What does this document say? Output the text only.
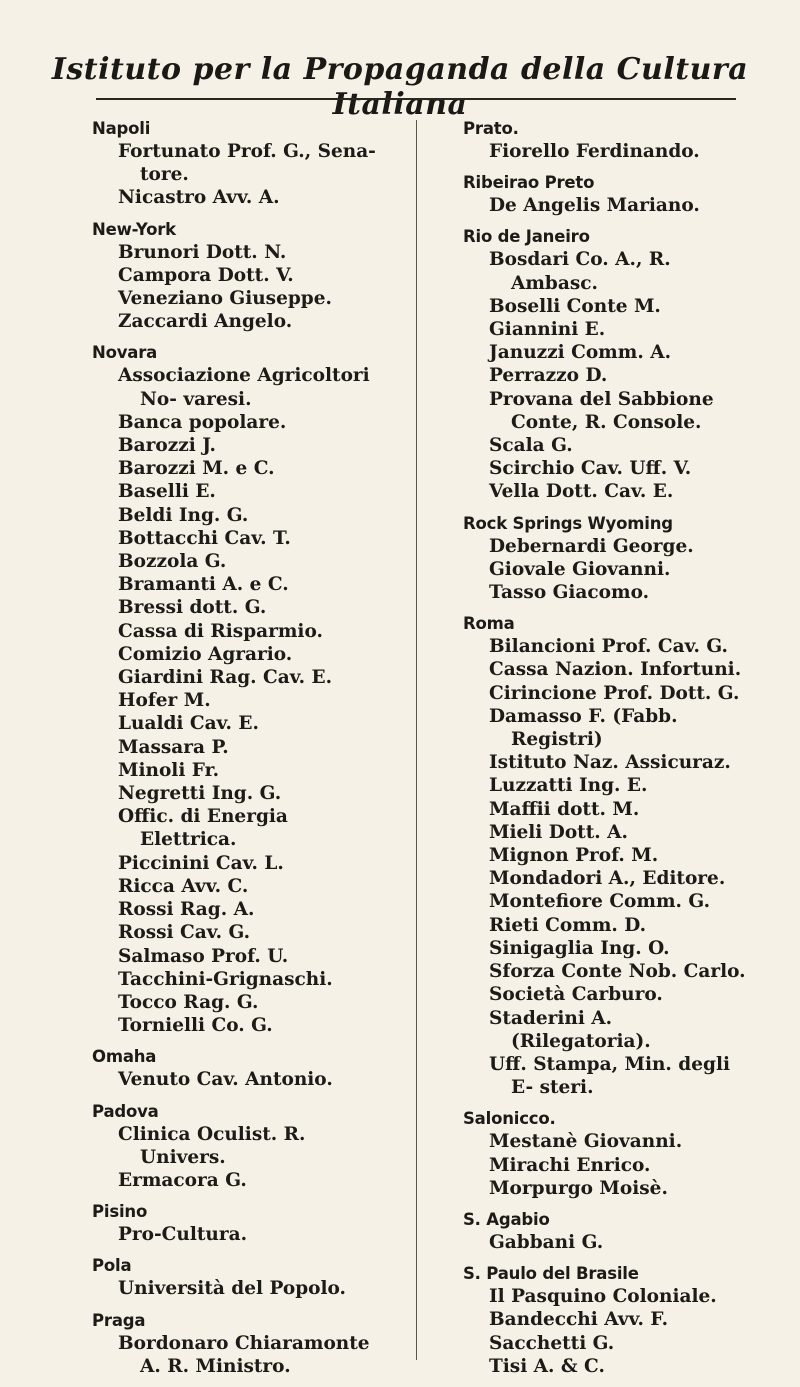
Istituto per la Propaganda della Cultura Italiana
Napoli
Fortunato Prof. G., Sena- tore.
Nicastro Avv. A.
New-York
Brunori Dott. N.
Campora Dott. V.
Veneziano Giuseppe.
Zaccardi Angelo.
Novara
Associazione Agricoltori No- varesi.
Banca popolare.
Barozzi J.
Barozzi M. e C.
Baselli E.
Beldi Ing. G.
Bottacchi Cav. T.
Bozzola G.
Bramanti A. e C.
Bressi dott. G.
Cassa di Risparmio.
Comizio Agrario.
Giardini Rag. Cav. E.
Hofer M.
Lualdi Cav. E.
Massara P.
Minoli Fr.
Negretti Ing. G.
Offic. di Energia Elettrica.
Piccinini Cav. L.
Ricca Avv. C.
Rossi Rag. A.
Rossi Cav. G.
Salmaso Prof. U.
Tacchini-Grignaschi.
Tocco Rag. G.
Tornielli Co. G.
Omaha
Venuto Cav. Antonio.
Padova
Clinica Oculist. R. Univers.
Ermacora G.
Pisino
Pro-Cultura.
Pola
Università del Popolo.
Praga
Bordonaro Chiaramonte A. R. Ministro.
Prato.
Fiorello Ferdinando.
Ribeirao Preto
De Angelis Mariano.
Rio de Janeiro
Bosdari Co. A., R. Ambasc.
Boselli Conte M.
Giannini E.
Januzzi Comm. A.
Perrazzo D.
Provana del Sabbione Conte, R. Console.
Scala G.
Scirchio Cav. Uff. V.
Vella Dott. Cav. E.
Rock Springs Wyoming
Debernardi George.
Giovale Giovanni.
Tasso Giacomo.
Roma
Bilancioni Prof. Cav. G.
Cassa Nazion. Infortuni.
Cirincione Prof. Dott. G.
Damasso F. (Fabb. Registri)
Istituto Naz. Assicuraz.
Luzzatti Ing. E.
Maffii dott. M.
Mieli Dott. A.
Mignon Prof. M.
Mondadori A., Editore.
Montefiore Comm. G.
Rieti Comm. D.
Sinigaglia Ing. O.
Sforza Conte Nob. Carlo.
Società Carburo.
Staderini A. (Rilegatoria).
Uff. Stampa, Min. degli E- steri.
Salonicco.
Mestanè Giovanni.
Mirachi Enrico.
Morpurgo Moisè.
S. Agabio
Gabbani G.
S. Paulo del Brasile
Il Pasquino Coloniale.
Bandecchi Avv. F.
Sacchetti G.
Tisi A. & C.
